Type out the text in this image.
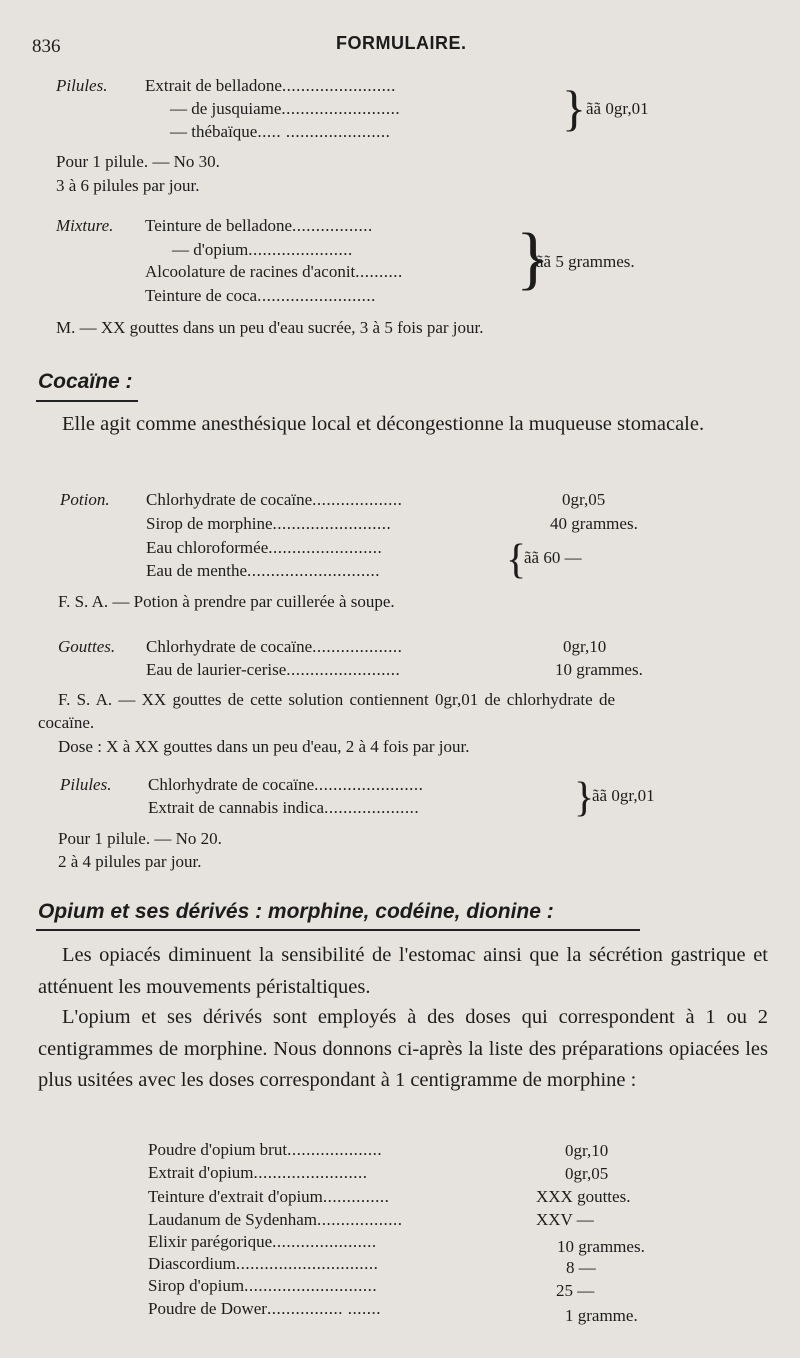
836	FORMULAIRE.
Pilules. Extrait de belladone........................
— de jusquiame.........................
— thébaïque..... ......................	} ãã 0gr,01
Pour 1 pilule. — No 30.
3 à 6 pilules par jour.
Mixture. Teinture de belladone.................
— d'opium......................
Alcoolature de racines d'aconit..........
Teinture de coca......................... }
ãã 5 grammes.
M. — XX gouttes dans un peu d'eau sucrée, 3 à 5 fois par jour.
Cocaïne :
Elle agit comme anesthésique local et décongestionne la muqueuse stomacale.
Potion. Chlorhydrate de cocaïne...................	0gr,05
Sirop de morphine.........................	40 grammes.
Eau chloroformée........................
Eau de menthe............................	{
ãã 60 —
F. S. A. — Potion à prendre par cuillerée à soupe.
Gouttes. Chlorhydrate de cocaïne...................	0gr,10
Eau de laurier-cerise........................	10 grammes.
F. S. A. — XX gouttes de cette solution contiennent 0gr,01 de chlorhydrate de
cocaïne.
Dose : X à XX gouttes dans un peu d'eau, 2 à 4 fois par jour.
Pilules. Chlorhydrate de cocaïne.......................
Extrait de cannabis indica....................	}
ãã 0gr,01
Pour 1 pilule. — No 20.
2 à 4 pilules par jour.
Opium et ses dérivés : morphine, codéine, dionine :
Les opiacés diminuent la sensibilité de l'estomac ainsi que la sécrétion gastrique et atténuent les mouvements péristaltiques.
L'opium et ses dérivés sont employés à des doses qui correspondent à 1 ou 2 centigrammes de morphine. Nous donnons ci-après la liste des préparations opiacées les plus usitées avec les doses correspondant à 1 centigramme de morphine :
Poudre d'opium brut....................	0gr,10
Extrait d'opium........................	0gr,05
Teinture d'extrait d'opium..............	XXX gouttes.
Laudanum de Sydenham..................	XXV —
Elixir parégorique......................	10 grammes.
Diascordium..............................	8 —
Sirop d'opium............................	25 —
Poudre de Dower................ .......	1 gramme.
